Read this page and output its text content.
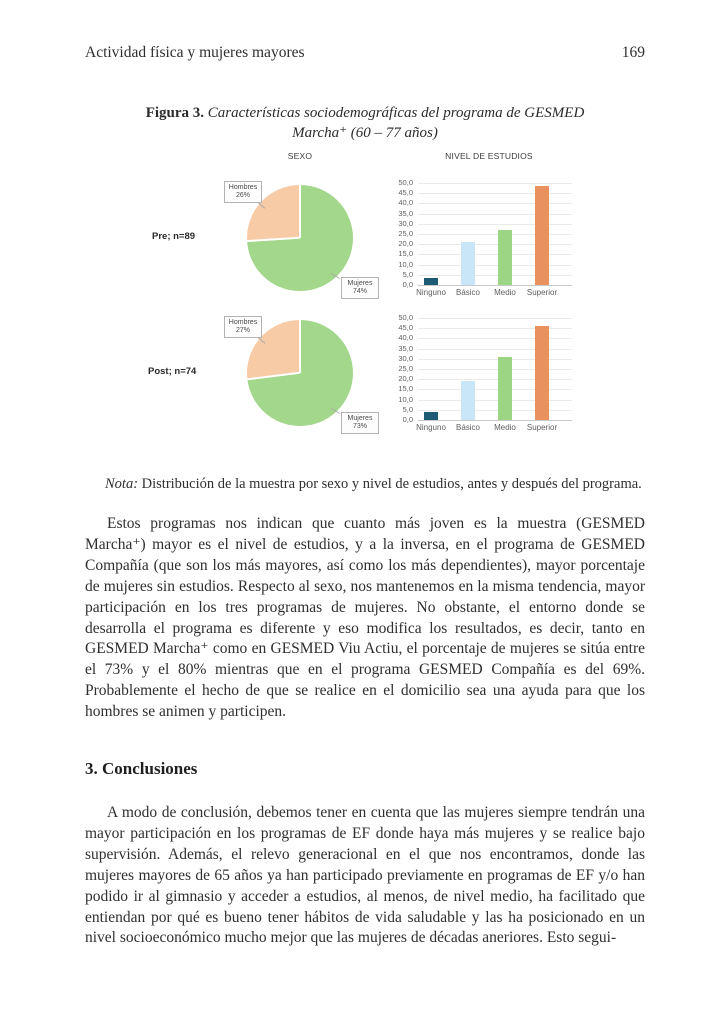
Actividad física y mujeres mayores	169
Figura 3. Características sociodemográficas del programa de GESMED
Marcha⁺ (60 – 77 años)
SEXO	NIVEL DE ESTUDIOS
Pre; n=89
Hombres
26%
Mujeres
74%
0,0
5,0
10,0
15,0
20,0
25,0
30,0
35,0
40,0
45,0
50,0
Ninguno	Básico	Medio	Superior
Post; n=74
Hombres
27%
Mujeres
73%
0,0
5,0
10,0
15,0
20,0
25,0
30,0
35,0
40,0
45,0
50,0
Ninguno	Básico	Medio	Superior

Nota: Distribución de la muestra por sexo y nivel de estudios, antes y después del programa.

Estos programas nos indican que cuanto más joven es la muestra (GESMED Marcha⁺) mayor es el nivel de estudios, y a la inversa, en el programa de GESMED Compañía (que son los más mayores, así como los más dependientes), mayor porcentaje de mujeres sin estudios. Respecto al sexo, nos mantenemos en la misma tendencia, mayor participación en los tres programas de mujeres. No obstante, el entorno donde se desarrolla el programa es diferente y eso modifica los resultados, es decir, tanto en GESMED Marcha⁺ como en GESMED Viu Actiu, el porcentaje de mujeres se sitúa entre el 73% y el 80% mientras que en el programa GESMED Compañía es del 69%. Probablemente el hecho de que se realice en el domicilio sea una ayuda para que los hombres se animen y participen.

3. Conclusiones

A modo de conclusión, debemos tener en cuenta que las mujeres siempre tendrán una mayor participación en los programas de EF donde haya más mujeres y se realice bajo supervisión. Además, el relevo generacional en el que nos encontramos, donde las mujeres mayores de 65 años ya han participado previamente en programas de EF y/o han podido ir al gimnasio y acceder a estudios, al menos, de nivel medio, ha facilitado que entiendan por qué es bueno tener hábitos de vida saludable y las ha posicionado en un nivel socioeconómico mucho mejor que las mujeres de décadas aneriores. Esto segui-
